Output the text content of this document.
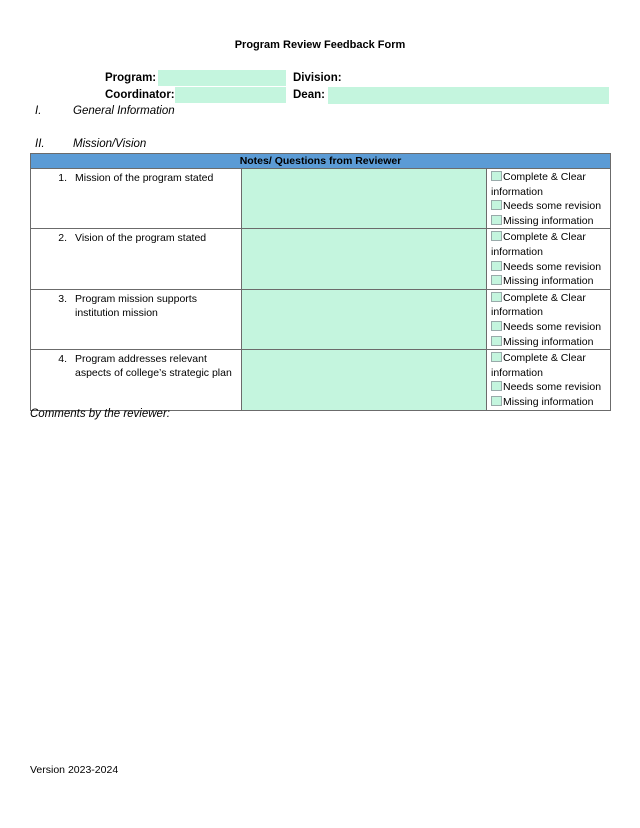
Program Review Feedback Form
Program:	Division:
Coordinator:	Dean:
I.	General Information
II. Mission/Vision
Notes/ Questions from Reviewer		

1. Mission of the program stated		Complete & Clear
information
Needs some revision
Missing information

2. Vision of the program stated		Complete & Clear
information
Needs some revision
Missing information

3. Program mission supports institution mission		Complete & Clear
information
Needs some revision
Missing information

4. Program addresses relevant aspects of college’s strategic plan		Complete & Clear
information
Needs some revision
Missing information
Comments by the reviewer:
Version 2023-2024
